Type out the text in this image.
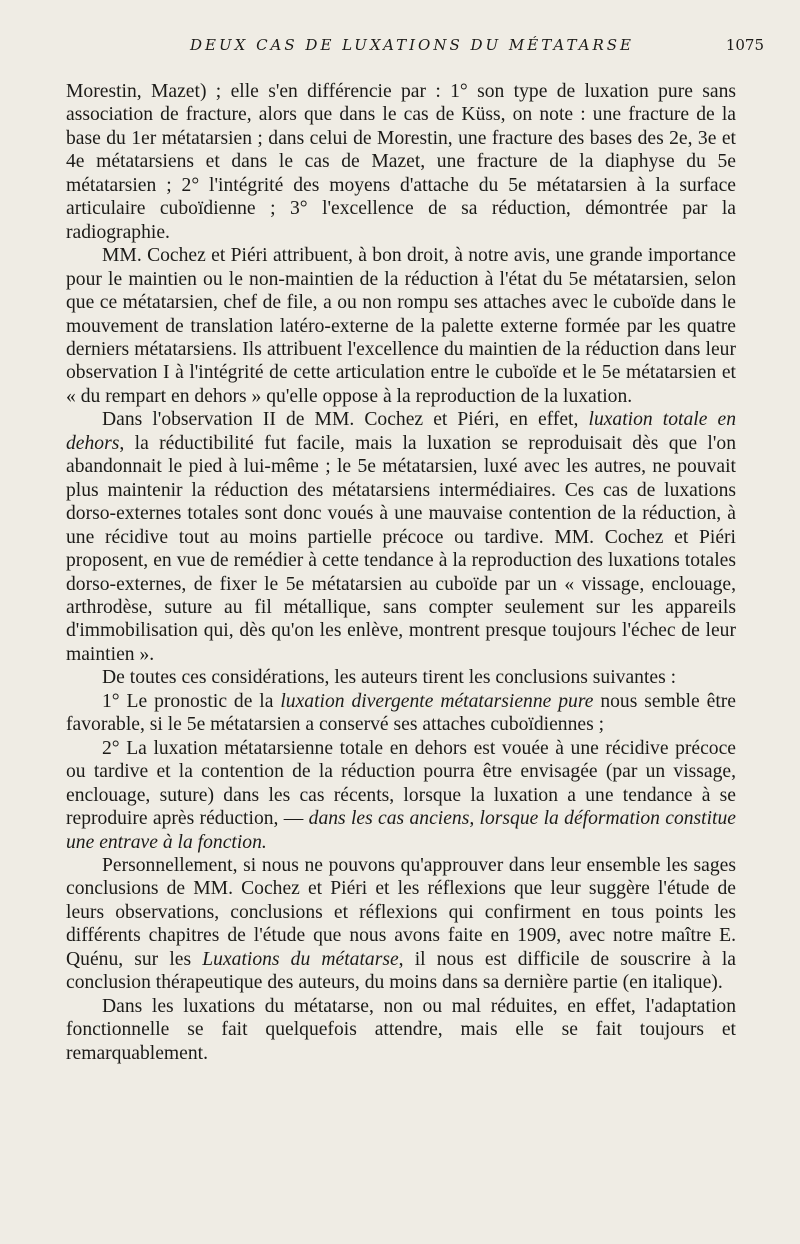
DEUX CAS DE LUXATIONS DU MÉTATARSE	1075

Morestin, Mazet) ; elle s'en différencie par : 1° son type de luxation pure sans association de fracture, alors que dans le cas de Küss, on note : une fracture de la base du 1er métatarsien ; dans celui de Morestin, une fracture des bases des 2e, 3e et 4e métatarsiens et dans le cas de Mazet, une fracture de la diaphyse du 5e métatarsien ; 2° l'intégrité des moyens d'attache du 5e métatarsien à la surface articulaire cuboïdienne ; 3° l'excellence de sa réduction, démontrée par la radiographie.

MM. Cochez et Piéri attribuent, à bon droit, à notre avis, une grande importance pour le maintien ou le non-maintien de la réduction à l'état du 5e métatarsien, selon que ce métatarsien, chef de file, a ou non rompu ses attaches avec le cuboïde dans le mouvement de translation latéro-externe de la palette externe formée par les quatre derniers métatarsiens. Ils attribuent l'excellence du maintien de la réduction dans leur observation I à l'intégrité de cette articulation entre le cuboïde et le 5e métatarsien et « du rempart en dehors » qu'elle oppose à la reproduction de la luxation.

Dans l'observation II de MM. Cochez et Piéri, en effet, luxation totale en dehors, la réductibilité fut facile, mais la luxation se reproduisait dès que l'on abandonnait le pied à lui-même ; le 5e métatarsien, luxé avec les autres, ne pouvait plus maintenir la réduction des métatarsiens intermédiaires. Ces cas de luxations dorso-externes totales sont donc voués à une mauvaise contention de la réduction, à une récidive tout au moins partielle précoce ou tardive. MM. Cochez et Piéri proposent, en vue de remédier à cette tendance à la reproduction des luxations totales dorso-externes, de fixer le 5e métatarsien au cuboïde par un « vissage, enclouage, arthrodèse, suture au fil métallique, sans compter seulement sur les appareils d'immobilisation qui, dès qu'on les enlève, montrent presque toujours l'échec de leur maintien ».

De toutes ces considérations, les auteurs tirent les conclusions suivantes :

1° Le pronostic de la luxation divergente métatarsienne pure nous semble être favorable, si le 5e métatarsien a conservé ses attaches cuboïdiennes ;

2° La luxation métatarsienne totale en dehors est vouée à une récidive précoce ou tardive et la contention de la réduction pourra être envisagée (par un vissage, enclouage, suture) dans les cas récents, lorsque la luxation a une tendance à se reproduire après réduction, — dans les cas anciens, lorsque la déformation constitue une entrave à la fonction.

Personnellement, si nous ne pouvons qu'approuver dans leur ensemble les sages conclusions de MM. Cochez et Piéri et les réflexions que leur suggère l'étude de leurs observations, conclusions et réflexions qui confirment en tous points les différents chapitres de l'étude que nous avons faite en 1909, avec notre maître E. Quénu, sur les Luxations du métatarse, il nous est difficile de souscrire à la conclusion thérapeutique des auteurs, du moins dans sa dernière partie (en italique).

Dans les luxations du métatarse, non ou mal réduites, en effet, l'adaptation fonctionnelle se fait quelquefois attendre, mais elle se fait toujours et remarquablement.
